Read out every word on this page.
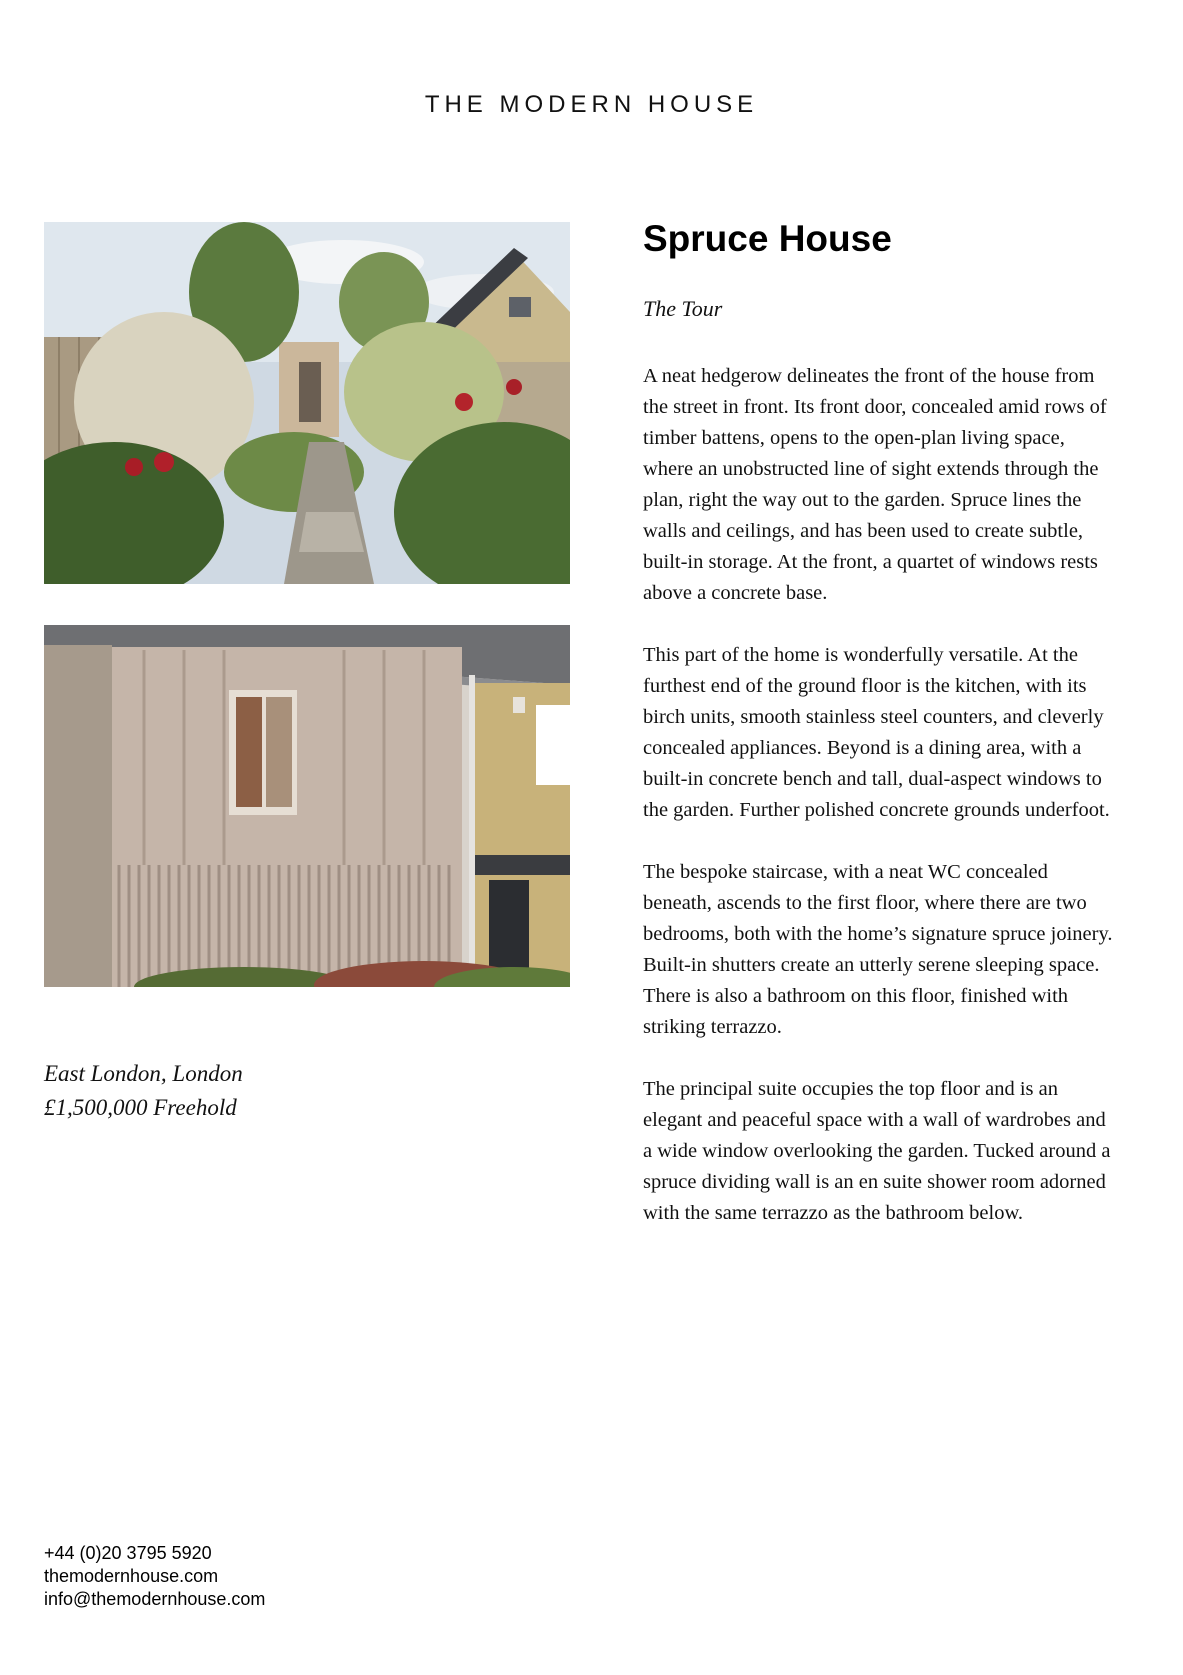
THE MODERN HOUSE
East London, London
£1,500,000 Freehold
Spruce House
The Tour

A neat hedgerow delineates the front of the house from the street in front. Its front door, concealed amid rows of timber battens, opens to the open-plan living space, where an unobstructed line of sight extends through the plan, right the way out to the garden. Spruce lines the walls and ceilings, and has been used to create subtle, built-in storage. At the front, a quartet of windows rests above a concrete base.

This part of the home is wonderfully versatile. At the furthest end of the ground floor is the kitchen, with its birch units, smooth stainless steel counters, and cleverly concealed appliances. Beyond is a dining area, with a built-in concrete bench and tall, dual-aspect windows to the garden. Further polished concrete grounds underfoot.

The bespoke staircase, with a neat WC concealed beneath, ascends to the first floor, where there are two bedrooms, both with the home’s signature spruce joinery. Built-in shutters create an utterly serene sleeping space. There is also a bathroom on this floor, finished with striking terrazzo.

The principal suite occupies the top floor and is an elegant and peaceful space with a wall of wardrobes and a wide window overlooking the garden. Tucked around a spruce dividing wall is an en suite shower room adorned with the same terrazzo as the bathroom below.

+44 (0)20 3795 5920
themodernhouse.com
info@themodernhouse.com
